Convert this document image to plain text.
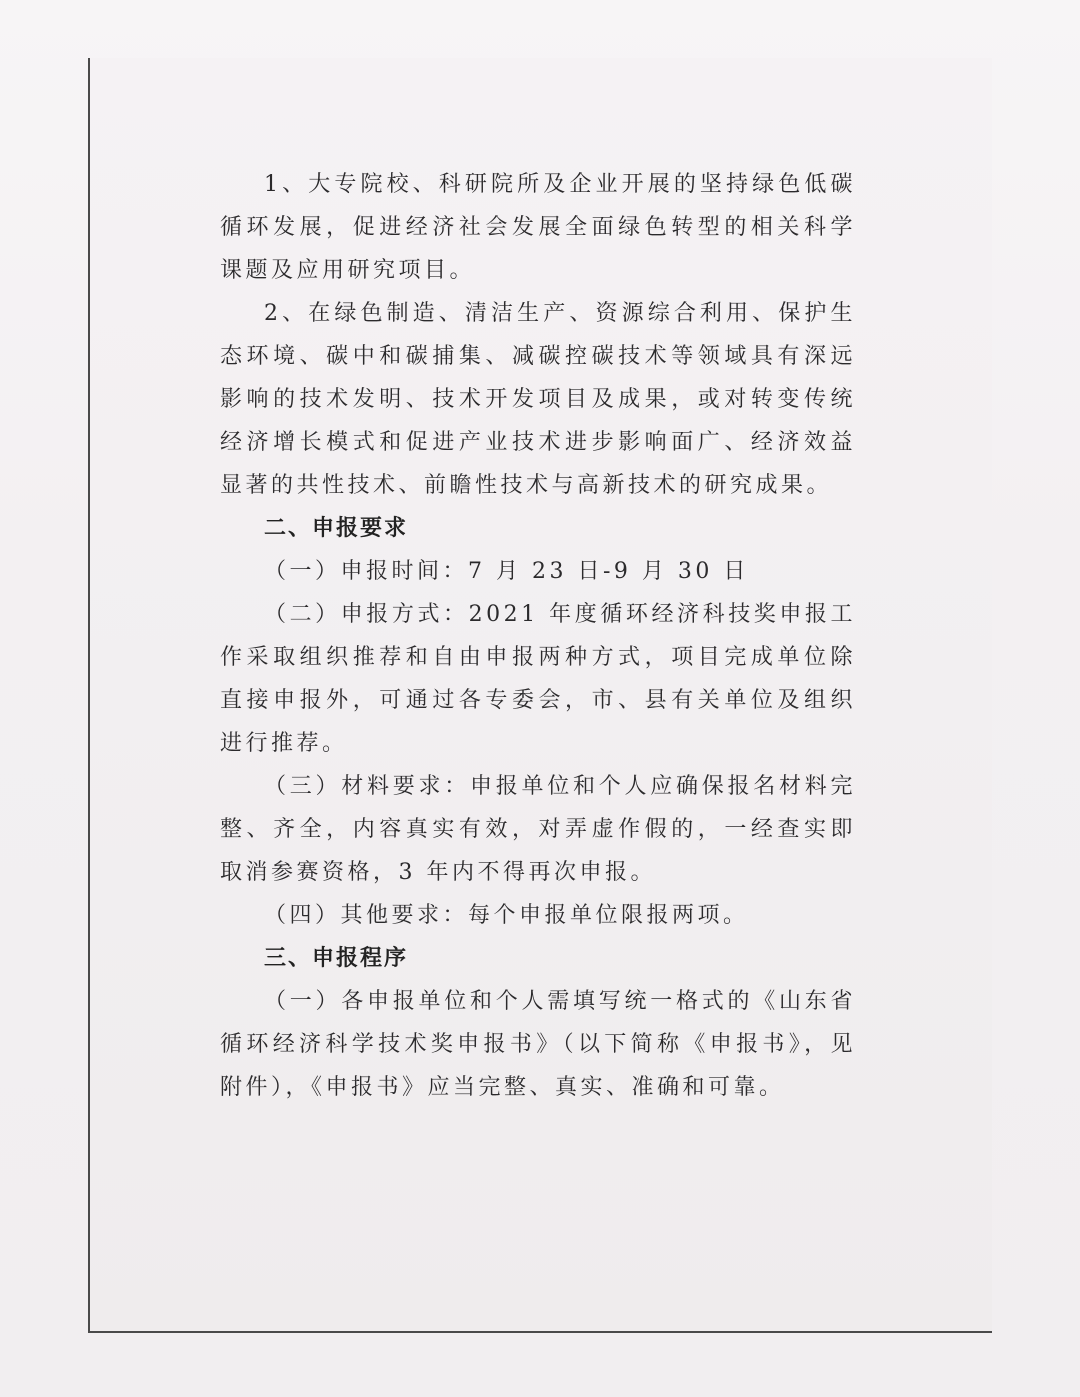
1、大专院校、科研院所及企业开展的坚持绿色低碳循环发展，促进经济社会发展全面绿色转型的相关科学课题及应用研究项目。

2、在绿色制造、清洁生产、资源综合利用、保护生态环境、碳中和碳捕集、减碳控碳技术等领域具有深远影响的技术发明、技术开发项目及成果，或对转变传统经济增长模式和促进产业技术进步影响面广、经济效益显著的共性技术、前瞻性技术与高新技术的研究成果。

二、申报要求

（一）申报时间：7 月 23 日-9 月 30 日

（二）申报方式：2021 年度循环经济科技奖申报工作采取组织推荐和自由申报两种方式，项目完成单位除直接申报外，可通过各专委会，市、县有关单位及组织进行推荐。

（三）材料要求：申报单位和个人应确保报名材料完整、齐全，内容真实有效，对弄虚作假的，一经查实即取消参赛资格，3 年内不得再次申报。

（四）其他要求：每个申报单位限报两项。

三、申报程序

（一）各申报单位和个人需填写统一格式的《山东省循环经济科学技术奖申报书》（以下简称《申报书》，见附件），《申报书》应当完整、真实、准确和可靠。
